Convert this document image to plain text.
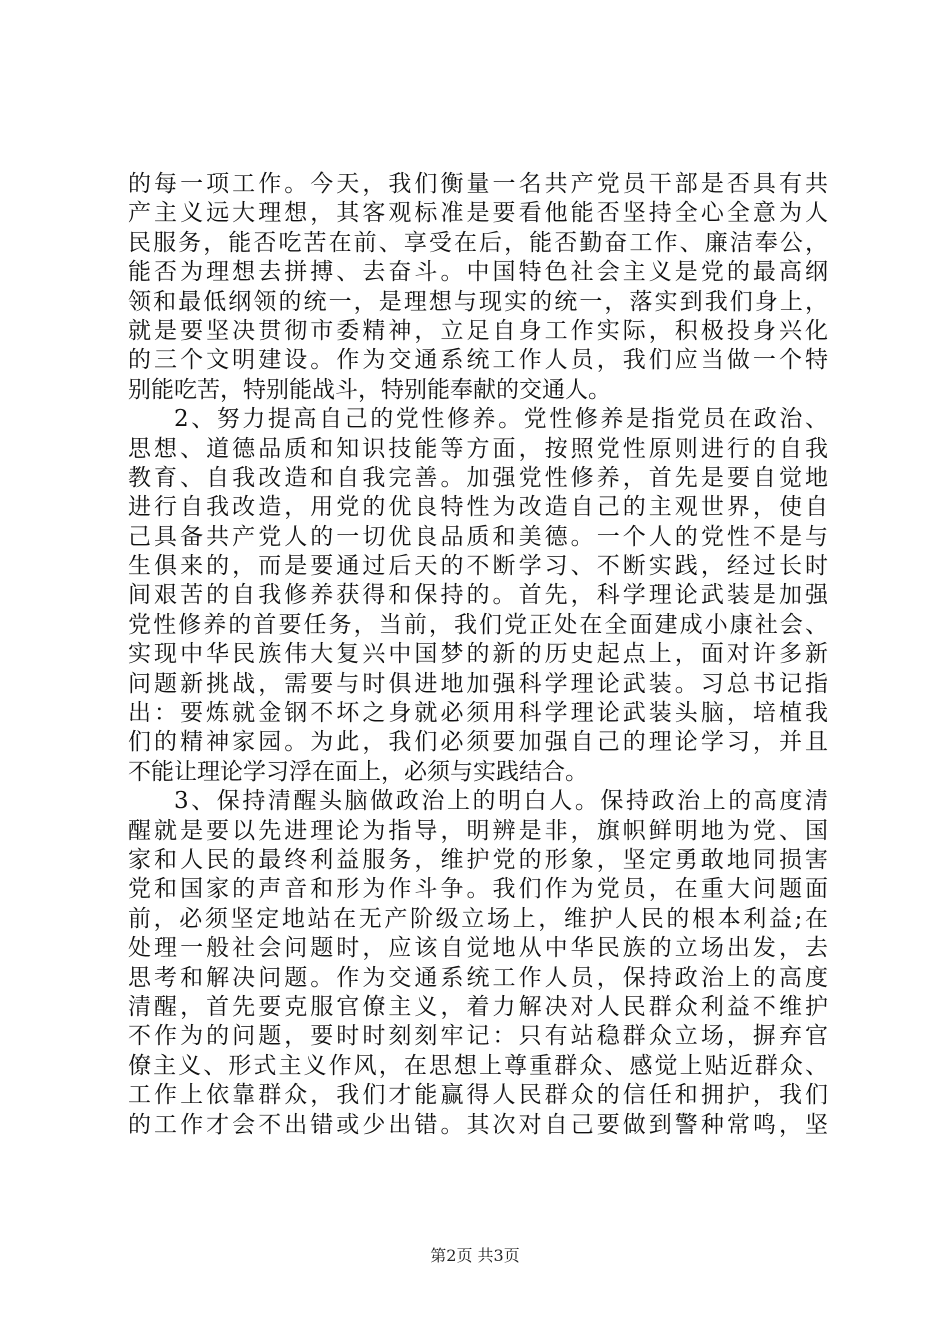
的每一项工作。今天，我们衡量一名共产党员干部是否具有共
产主义远大理想，其客观标准是要看他能否坚持全心全意为人
民服务，能否吃苦在前、享受在后，能否勤奋工作、廉洁奉公，
能否为理想去拼搏、去奋斗。中国特色社会主义是党的最高纲
领和最低纲领的统一，是理想与现实的统一，落实到我们身上，
就是要坚决贯彻市委精神，立足自身工作实际，积极投身兴化
的三个文明建设。作为交通系统工作人员，我们应当做一个特
别能吃苦，特别能战斗，特别能奉献的交通人。
2、努力提高自己的党性修养。党性修养是指党员在政治、
思想、道德品质和知识技能等方面，按照党性原则进行的自我
教育、自我改造和自我完善。加强党性修养，首先是要自觉地
进行自我改造，用党的优良特性为改造自己的主观世界，使自
己具备共产党人的一切优良品质和美德。一个人的党性不是与
生俱来的，而是要通过后天的不断学习、不断实践，经过长时
间艰苦的自我修养获得和保持的。首先，科学理论武装是加强
党性修养的首要任务，当前，我们党正处在全面建成小康社会、
实现中华民族伟大复兴中国梦的新的历史起点上，面对许多新
问题新挑战，需要与时俱进地加强科学理论武装。习总书记指
出：要炼就金钢不坏之身就必须用科学理论武装头脑，培植我
们的精神家园。为此，我们必须要加强自己的理论学习，并且
不能让理论学习浮在面上，必须与实践结合。
3、保持清醒头脑做政治上的明白人。保持政治上的高度清
醒就是要以先进理论为指导，明辨是非，旗帜鲜明地为党、国
家和人民的最终利益服务，维护党的形象，坚定勇敢地同损害
党和国家的声音和形为作斗争。我们作为党员，在重大问题面
前，必须坚定地站在无产阶级立场上，维护人民的根本利益;在
处理一般社会问题时，应该自觉地从中华民族的立场出发，去
思考和解决问题。作为交通系统工作人员，保持政治上的高度
清醒，首先要克服官僚主义，着力解决对人民群众利益不维护
不作为的问题，要时时刻刻牢记：只有站稳群众立场，摒弃官
僚主义、形式主义作风，在思想上尊重群众、感觉上贴近群众、
工作上依靠群众，我们才能赢得人民群众的信任和拥护，我们
的工作才会不出错或少出错。其次对自己要做到警种常鸣，坚
第2页 共3页
